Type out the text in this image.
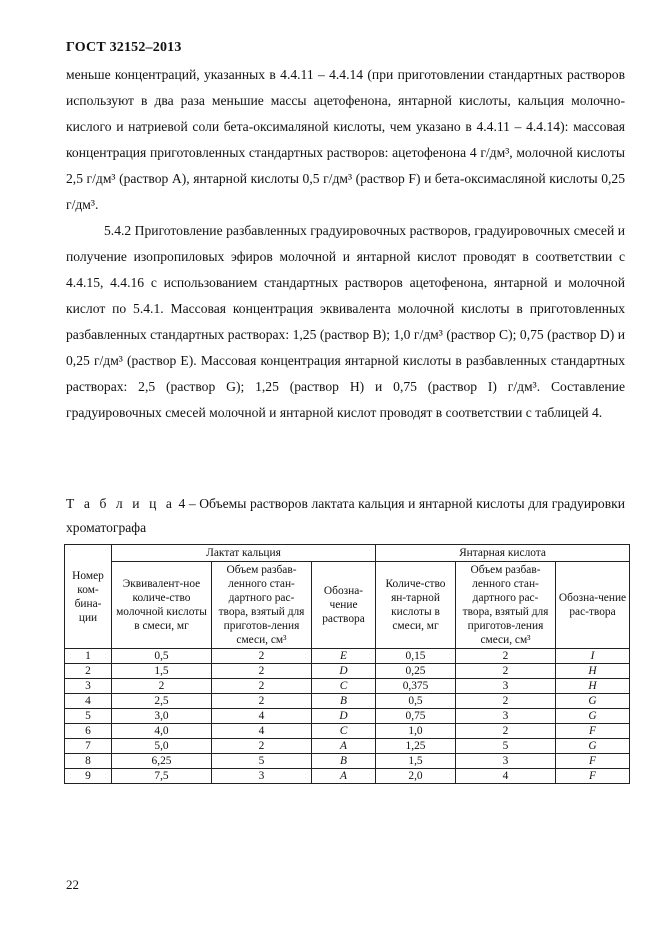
ГОСТ 32152–2013

меньше концентраций, указанных в 4.4.11 – 4.4.14 (при приготовлении стандартных растворов используют в два раза меньшие массы ацетофенона, янтарной кислоты, кальция молочно-кислого и натриевой соли бета-оксималяной кислоты, чем указано в 4.4.11 – 4.4.14): массовая концентрация приготовленных стандартных растворов: ацетофенона 4 г/дм³, молочной кислоты 2,5 г/дм³ (раствор A), янтарной кислоты 0,5 г/дм³ (раствор F) и бета-оксимасляной кислоты 0,25 г/дм³.

5.4.2 Приготовление разбавленных градуировочных растворов, градуировочных смесей и получение изопропиловых эфиров молочной и янтарной кислот проводят в соответствии с 4.4.15, 4.4.16 с использованием стандартных растворов ацетофенона, янтарной и молочной кислот по 5.4.1. Массовая концентрация эквивалента молочной кислоты в приготовленных разбавленных стандартных растворах: 1,25 (раствор B); 1,0 г/дм³ (раствор C); 0,75 (раствор D) и 0,25 г/дм³ (раствор E). Массовая концентрация янтарной кислоты в разбавленных стандартных растворах: 2,5 (раствор G); 1,25 (раствор H) и 0,75 (раствор I) г/дм³. Составление градуировочных смесей молочной и янтарной кислот проводят в соответствии с таблицей 4.

Т а б л и ц а 4 – Объемы растворов лактата кальция и янтарной кислоты для градуировки хроматографа
Номер ком-бина-ции	Лактат кальция			Янтарная кислота		
	Эквивалент-ное количе-ство молочной кислоты в смеси, мг	Объем разбав-ленного стан-дартного рас-твора, взятый для приготов-ления смеси, см³	Обозна-чение раствора	Количе-ство ян-тарной кислоты в смеси, мг	Объем разбав-ленного стан-дартного рас-твора, взятый для приготов-ления смеси, см³	Обозна-чение рас-твора
1	0,5	2	E	0,15	2	I
2	1,5	2	D	0,25	2	H
3	2	2	C	0,375	3	H
4	2,5	2	B	0,5	2	G
5	3,0	4	D	0,75	3	G
6	4,0	4	C	1,0	2	F
7	5,0	2	A	1,25	5	G
8	6,25	5	B	1,5	3	F
9	7,5	3	A	2,0	4	F
22
